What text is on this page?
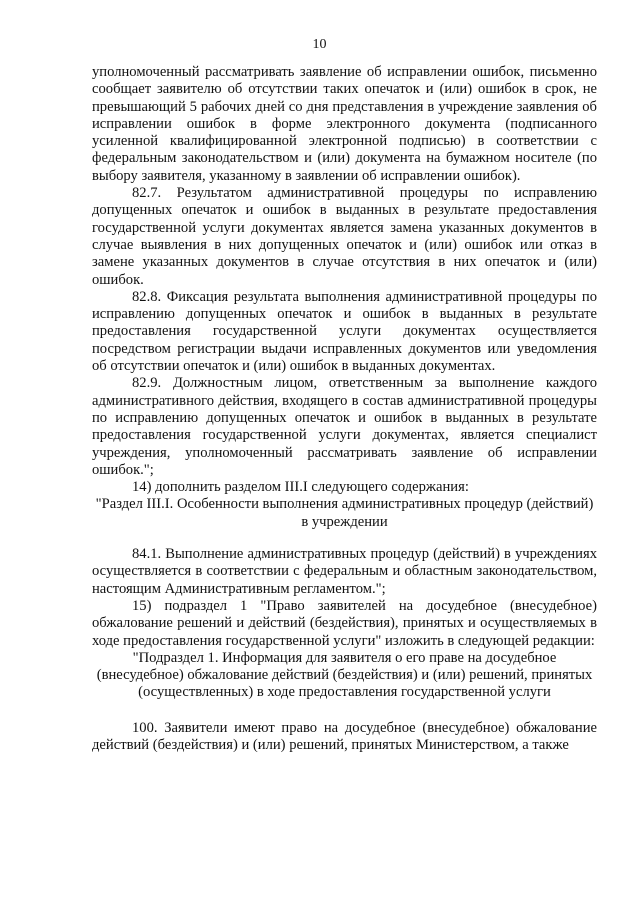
10

уполномоченный рассматривать заявление об исправлении ошибок, письменно сообщает заявителю об отсутствии таких опечаток и (или) ошибок в срок, не превышающий 5 рабочих дней со дня представления в учреждение заявления об исправлении ошибок в форме электронного документа (подписанного усиленной квалифицированной электронной подписью) в соответствии с федеральным законодательством и (или) документа на бумажном носителе (по выбору заявителя, указанному в заявлении об исправлении ошибок).

82.7. Результатом административной процедуры по исправлению допущенных опечаток и ошибок в выданных в результате предоставления государственной услуги документах является замена указанных документов в случае выявления в них допущенных опечаток и (или) ошибок или отказ в замене указанных документов в случае отсутствия в них опечаток и (или) ошибок.

82.8. Фиксация результата выполнения административной процедуры по исправлению допущенных опечаток и ошибок в выданных в результате предоставления государственной услуги документах осуществляется посредством регистрации выдачи исправленных документов или уведомления об отсутствии опечаток и (или) ошибок в выданных документах.

82.9. Должностным лицом, ответственным за выполнение каждого административного действия, входящего в состав административной процедуры по исправлению допущенных опечаток и ошибок в выданных в результате предоставления государственной услуги документах, является специалист учреждения, уполномоченный рассматривать заявление об исправлении ошибок.";

14) дополнить разделом III.I следующего содержания:

"Раздел III.I. Особенности выполнения административных процедур (действий) в учреждении

84.1. Выполнение административных процедур (действий) в учреждениях осуществляется в соответствии с федеральным и областным законодательством, настоящим Административным регламентом.";

15) подраздел 1 "Право заявителей на досудебное (внесудебное) обжалование решений и действий (бездействия), принятых и осуществляемых в ходе предоставления государственной услуги" изложить в следующей редакции:

"Подраздел 1. Информация для заявителя о его праве на досудебное (внесудебное) обжалование действий (бездействия) и (или) решений, принятых (осуществленных) в ходе предоставления государственной услуги

100. Заявители имеют право на досудебное (внесудебное) обжалование действий (бездействия) и (или) решений, принятых Министерством, а также
